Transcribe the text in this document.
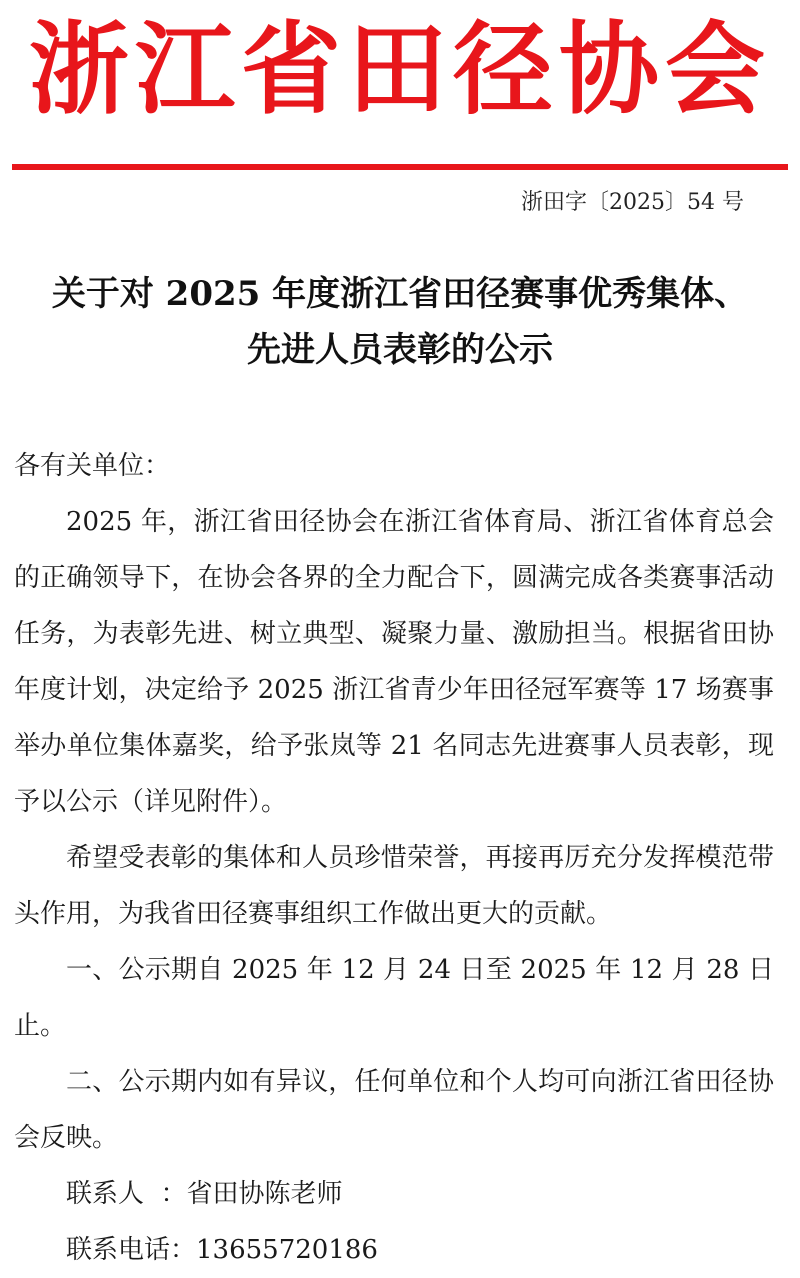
浙江省田径协会
浙田字〔2025〕54 号
关于对 2025 年度浙江省田径赛事优秀集体、
先进人员表彰的公示

各有关单位：

2025 年，浙江省田径协会在浙江省体育局、浙江省体育总会的正确领导下，在协会各界的全力配合下，圆满完成各类赛事活动任务，为表彰先进、树立典型、凝聚力量、激励担当。根据省田协年度计划，决定给予 2025 浙江省青少年田径冠军赛等 17 场赛事举办单位集体嘉奖，给予张岚等 21 名同志先进赛事人员表彰，现予以公示（详见附件）。

希望受表彰的集体和人员珍惜荣誉，再接再厉充分发挥模范带头作用，为我省田径赛事组织工作做出更大的贡献。

一、公示期自 2025 年 12 月 24 日至 2025 年 12 月 28 日止。

二、公示期内如有异议，任何单位和个人均可向浙江省田径协会反映。

联系人  ：省田协陈老师

联系电话：13655720186
